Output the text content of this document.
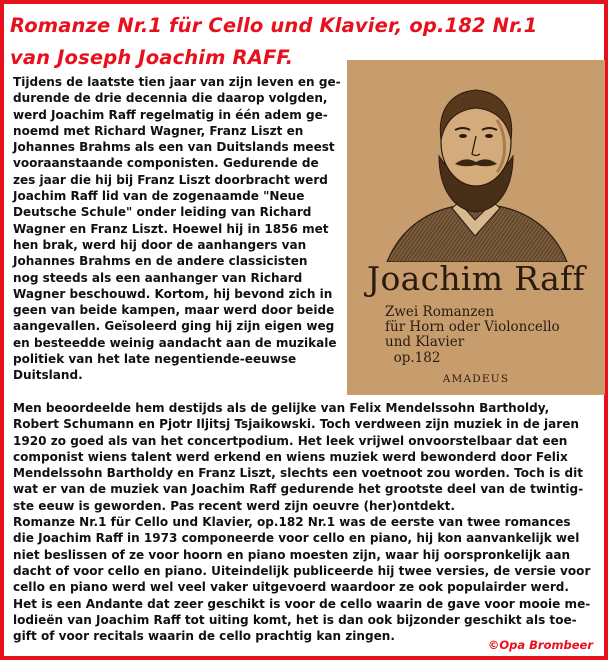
Romanze Nr.1 für Cello und Klavier, op.182 Nr.1
van Joseph Joachim RAFF.

Tijdens de laatste tien jaar van zijn leven en ge-
durende de drie decennia die daarop volgden,
werd Joachim Raff regelmatig in één adem ge-
noemd met Richard Wagner, Franz Liszt en
Johannes Brahms als een van Duitslands meest
vooraanstaande componisten. Gedurende de
zes jaar die hij bij Franz Liszt doorbracht werd
Joachim Raff lid van de zogenaamde "Neue
Deutsche Schule" onder leiding van Richard
Wagner en Franz Liszt. Hoewel hij in 1856 met
hen brak, werd hij door de aanhangers van
Johannes Brahms en de andere classicisten
nog steeds als een aanhanger van Richard
Wagner beschouwd. Kortom, hij bevond zich in
geen van beide kampen, maar werd door beide
aangevallen. Geïsoleerd ging hij zijn eigen weg
en besteedde weinig aandacht aan de muzikale
politiek van het late negentiende-eeuwse
Duitsland.

Joachim Raff
Zwei Romanzen
für Horn oder Violoncello
und Klavier
op.182
AMADEUS

Men beoordeelde hem destijds als de gelijke van Felix Mendelssohn Bartholdy,
Robert Schumann en Pjotr Iljitsj Tsjaikowski. Toch verdween zijn muziek in de jaren
1920 zo goed als van het concertpodium. Het leek vrijwel onvoorstelbaar dat een
componist wiens talent werd erkend en wiens muziek werd bewonderd door Felix
Mendelssohn Bartholdy en Franz Liszt, slechts een voetnoot zou worden. Toch is dit
wat er van de muziek van Joachim Raff gedurende het grootste deel van de twintig-
ste eeuw is geworden. Pas recent werd zijn oeuvre (her)ontdekt.
Romanze Nr.1 für Cello und Klavier, op.182 Nr.1 was de eerste van twee romances
die Joachim Raff in 1973 componeerde voor cello en piano, hij kon aanvankelijk wel
niet beslissen of ze voor hoorn en piano moesten zijn, waar hij oorspronkelijk aan
dacht of voor cello en piano. Uiteindelijk publiceerde hij twee versies, de versie voor
cello en piano werd wel veel vaker uitgevoerd waardoor ze ook populairder werd.
Het is een Andante dat zeer geschikt is voor de cello waarin de gave voor mooie me-
lodieën van Joachim Raff tot uiting komt, het is dan ook bijzonder geschikt als toe-
gift of voor recitals waarin de cello prachtig kan zingen.

©Opa Brombeer
